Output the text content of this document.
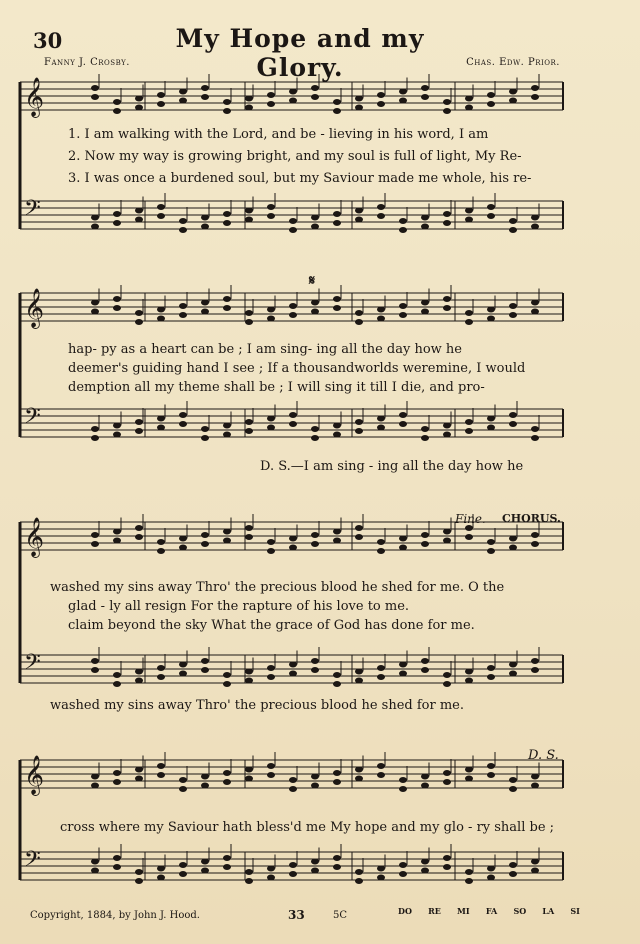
30	My Hope and my Glory.
Fanny J. Crosby.	Chas. Edw. Prior.
𝄞
𝄢
𝄞
𝄢
𝄞
𝄢
𝄞
𝄢
𝄋
1. I am walking with the Lord, and be - lieving in his word, I am
2. Now my way is growing bright, and my soul is full of light, My Re-
3. I was once a burdened soul, but my Saviour made me whole, his re-
hap- py as a heart can be ; I am sing- ing all the day how he
deemer's guiding hand I see ; If a thousandworlds weremine, I would
demption all my theme shall be ; I will sing it till I die, and pro-
D. S.—I am sing - ing all the day how he
Fine. CHORUS.
washed my sins away Thro' the precious blood he shed for me. O the
glad - ly all resign For the rapture of his love to me.
claim beyond the sky What the grace of God has done for me.
washed my sins away Thro' the precious blood he shed for me.
D. S.
cross where my Saviour hath bless'd me My hope and my glo - ry shall be ;
Copyright, 1884, by John J. Hood.	33	5C	DO RE MI FA SO LA SI
